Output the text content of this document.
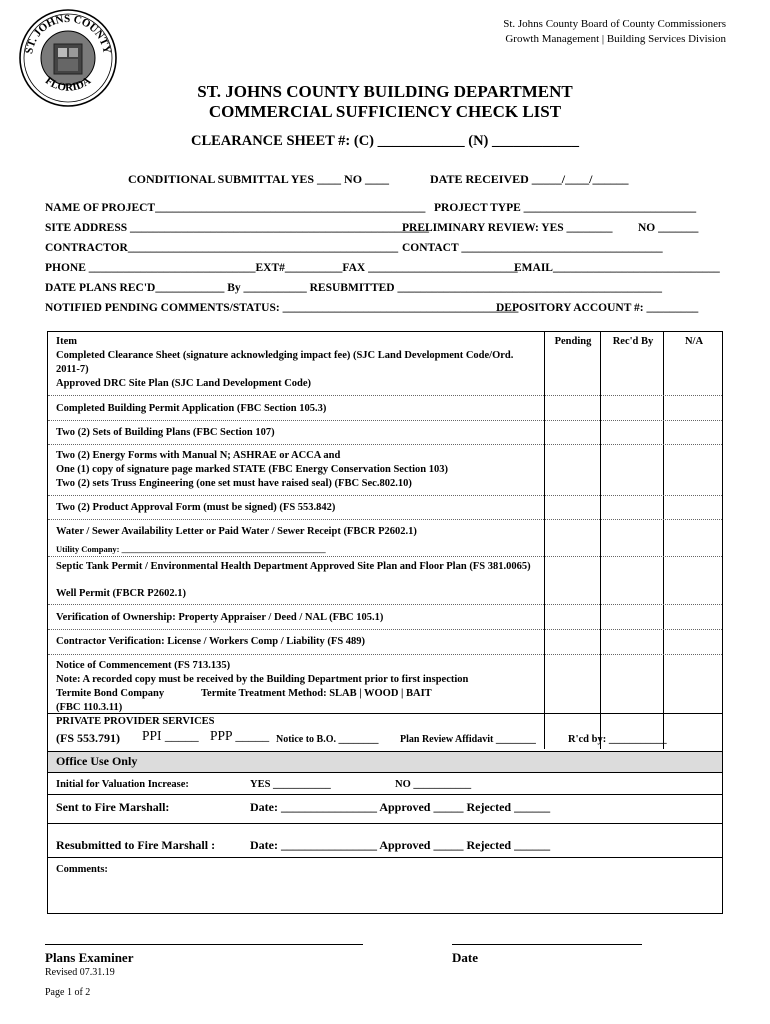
ST. JOHNS COUNTY
FLORIDA
St. Johns County Board of County Commissioners
Growth Management | Building Services Division
ST. JOHNS COUNTY BUILDING DEPARTMENT
COMMERCIAL SUFFICIENCY CHECK LIST
CLEARANCE SHEET #: (C) ____________ (N) ____________
CONDITIONAL SUBMITTAL YES ____ NO ____	DATE RECEIVED _____/____/______
NAME OF PROJECT_______________________________________________ PROJECT TYPE ______________________________
SITE ADDRESS ____________________________________________________
PRELIMINARY REVIEW: YES ________ NO _______
CONTRACTOR_______________________________________________ CONTACT ___________________________________
PHONE _____________________________EXT#__________FAX __________________________
EMAIL_____________________________
DATE PLANS REC'D____________ By ___________ RESUBMITTED ______________________________________________
NOTIFIED PENDING COMMENTS/STATUS: _________________________________________
DEPOSITORY ACCOUNT #: _________
Item	Pending	Rec'd By	N/A
Completed Clearance Sheet (signature acknowledging impact fee) (SJC Land Development Code/Ord. 2011-7)
Approved DRC Site Plan (SJC Land Development Code)
Completed Building Permit Application (FBC Section 105.3)
Two (2) Sets of Building Plans (FBC Section 107)
Two (2) Energy Forms with Manual N; ASHRAE or ACCA and
One (1) copy of signature page marked STATE (FBC Energy Conservation Section 103)
Two (2) sets Truss Engineering (one set must have raised seal) (FBC Sec.802.10)
Two (2) Product Approval Form (must be signed) (FS 553.842)
Water / Sewer Availability Letter or Paid Water / Sewer Receipt (FBCR P2602.1)
Utility Company: ________________________________________________
Septic Tank Permit / Environmental Health Department Approved Site Plan and Floor Plan (FS 381.0065)
Well Permit (FBCR P2602.1)
Verification of Ownership: Property Appraiser / Deed / NAL (FBC 105.1)
Contractor Verification: License / Workers Comp / Liability (FS 489)
Notice of Commencement (FS 713.135)
Note: A recorded copy must be received by the Building Department prior to first inspection
Termite Bond Company	Termite Treatment Method: SLAB | WOOD | BAIT
(FBC 110.3.11)
PRIVATE PROVIDER SERVICES
(FS 553.791) PPI _____ PPP _____ Notice to B.O. ________ Plan Review Affidavit ________	R'cd by: ___________
Office Use Only
Initial for Valuation Increase:	YES ___________	NO ___________
Sent to Fire Marshall:	Date: ________________ Approved _____ Rejected ______
Resubmitted to Fire Marshall :	Date: ________________ Approved _____ Rejected ______
Comments:
Plans Examiner	Date
Revised 07.31.19
Page 1 of 2
